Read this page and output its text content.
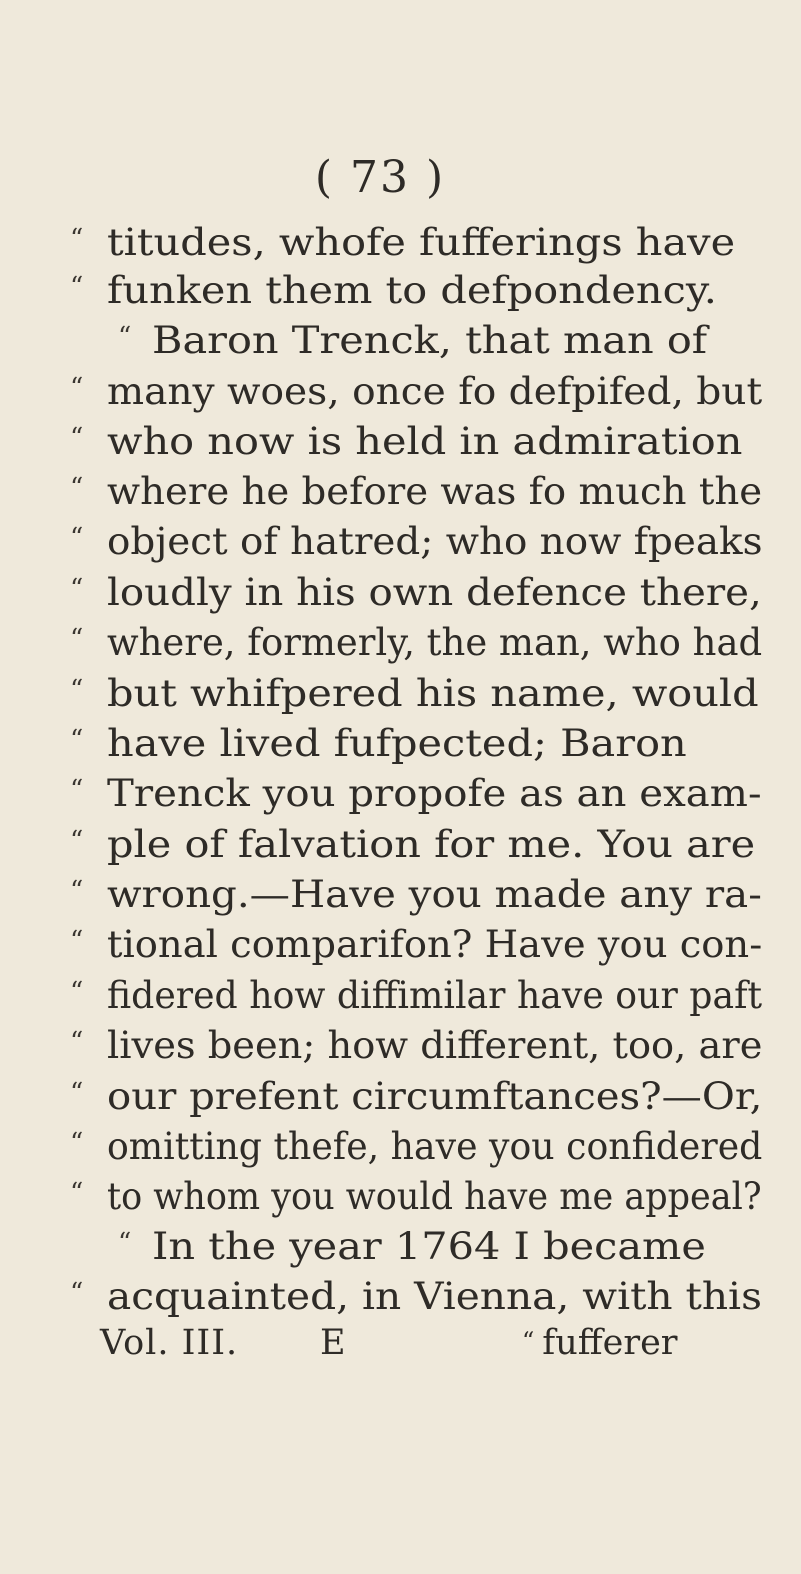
( 73 )
“ titudes, whofe fufferings have
“ funken them to defpondency.
“ Baron Trenck, that man of
“ many woes, once fo defpifed, but
“ who now is held in admiration
“ where he before was fo much the
“ object of hatred; who now fpeaks
“ loudly in his own defence there,
“ where, formerly, the man, who had
“ but whifpered his name, would
“ have lived fufpected; Baron
“ Trenck you propofe as an exam-
“ ple of falvation for me. You are
“ wrong.—Have you made any ra-
“ tional comparifon? Have you con-
“ fidered how diffimilar have our paft
“ lives been; how different, too, are
“ our prefent circumftances?—Or,
“ omitting thefe, have you confidered
“ to whom you would have me appeal?
“ In the year 1764 I became
“ acquainted, in Vienna, with this
Vol. III. E	“ fufferer
